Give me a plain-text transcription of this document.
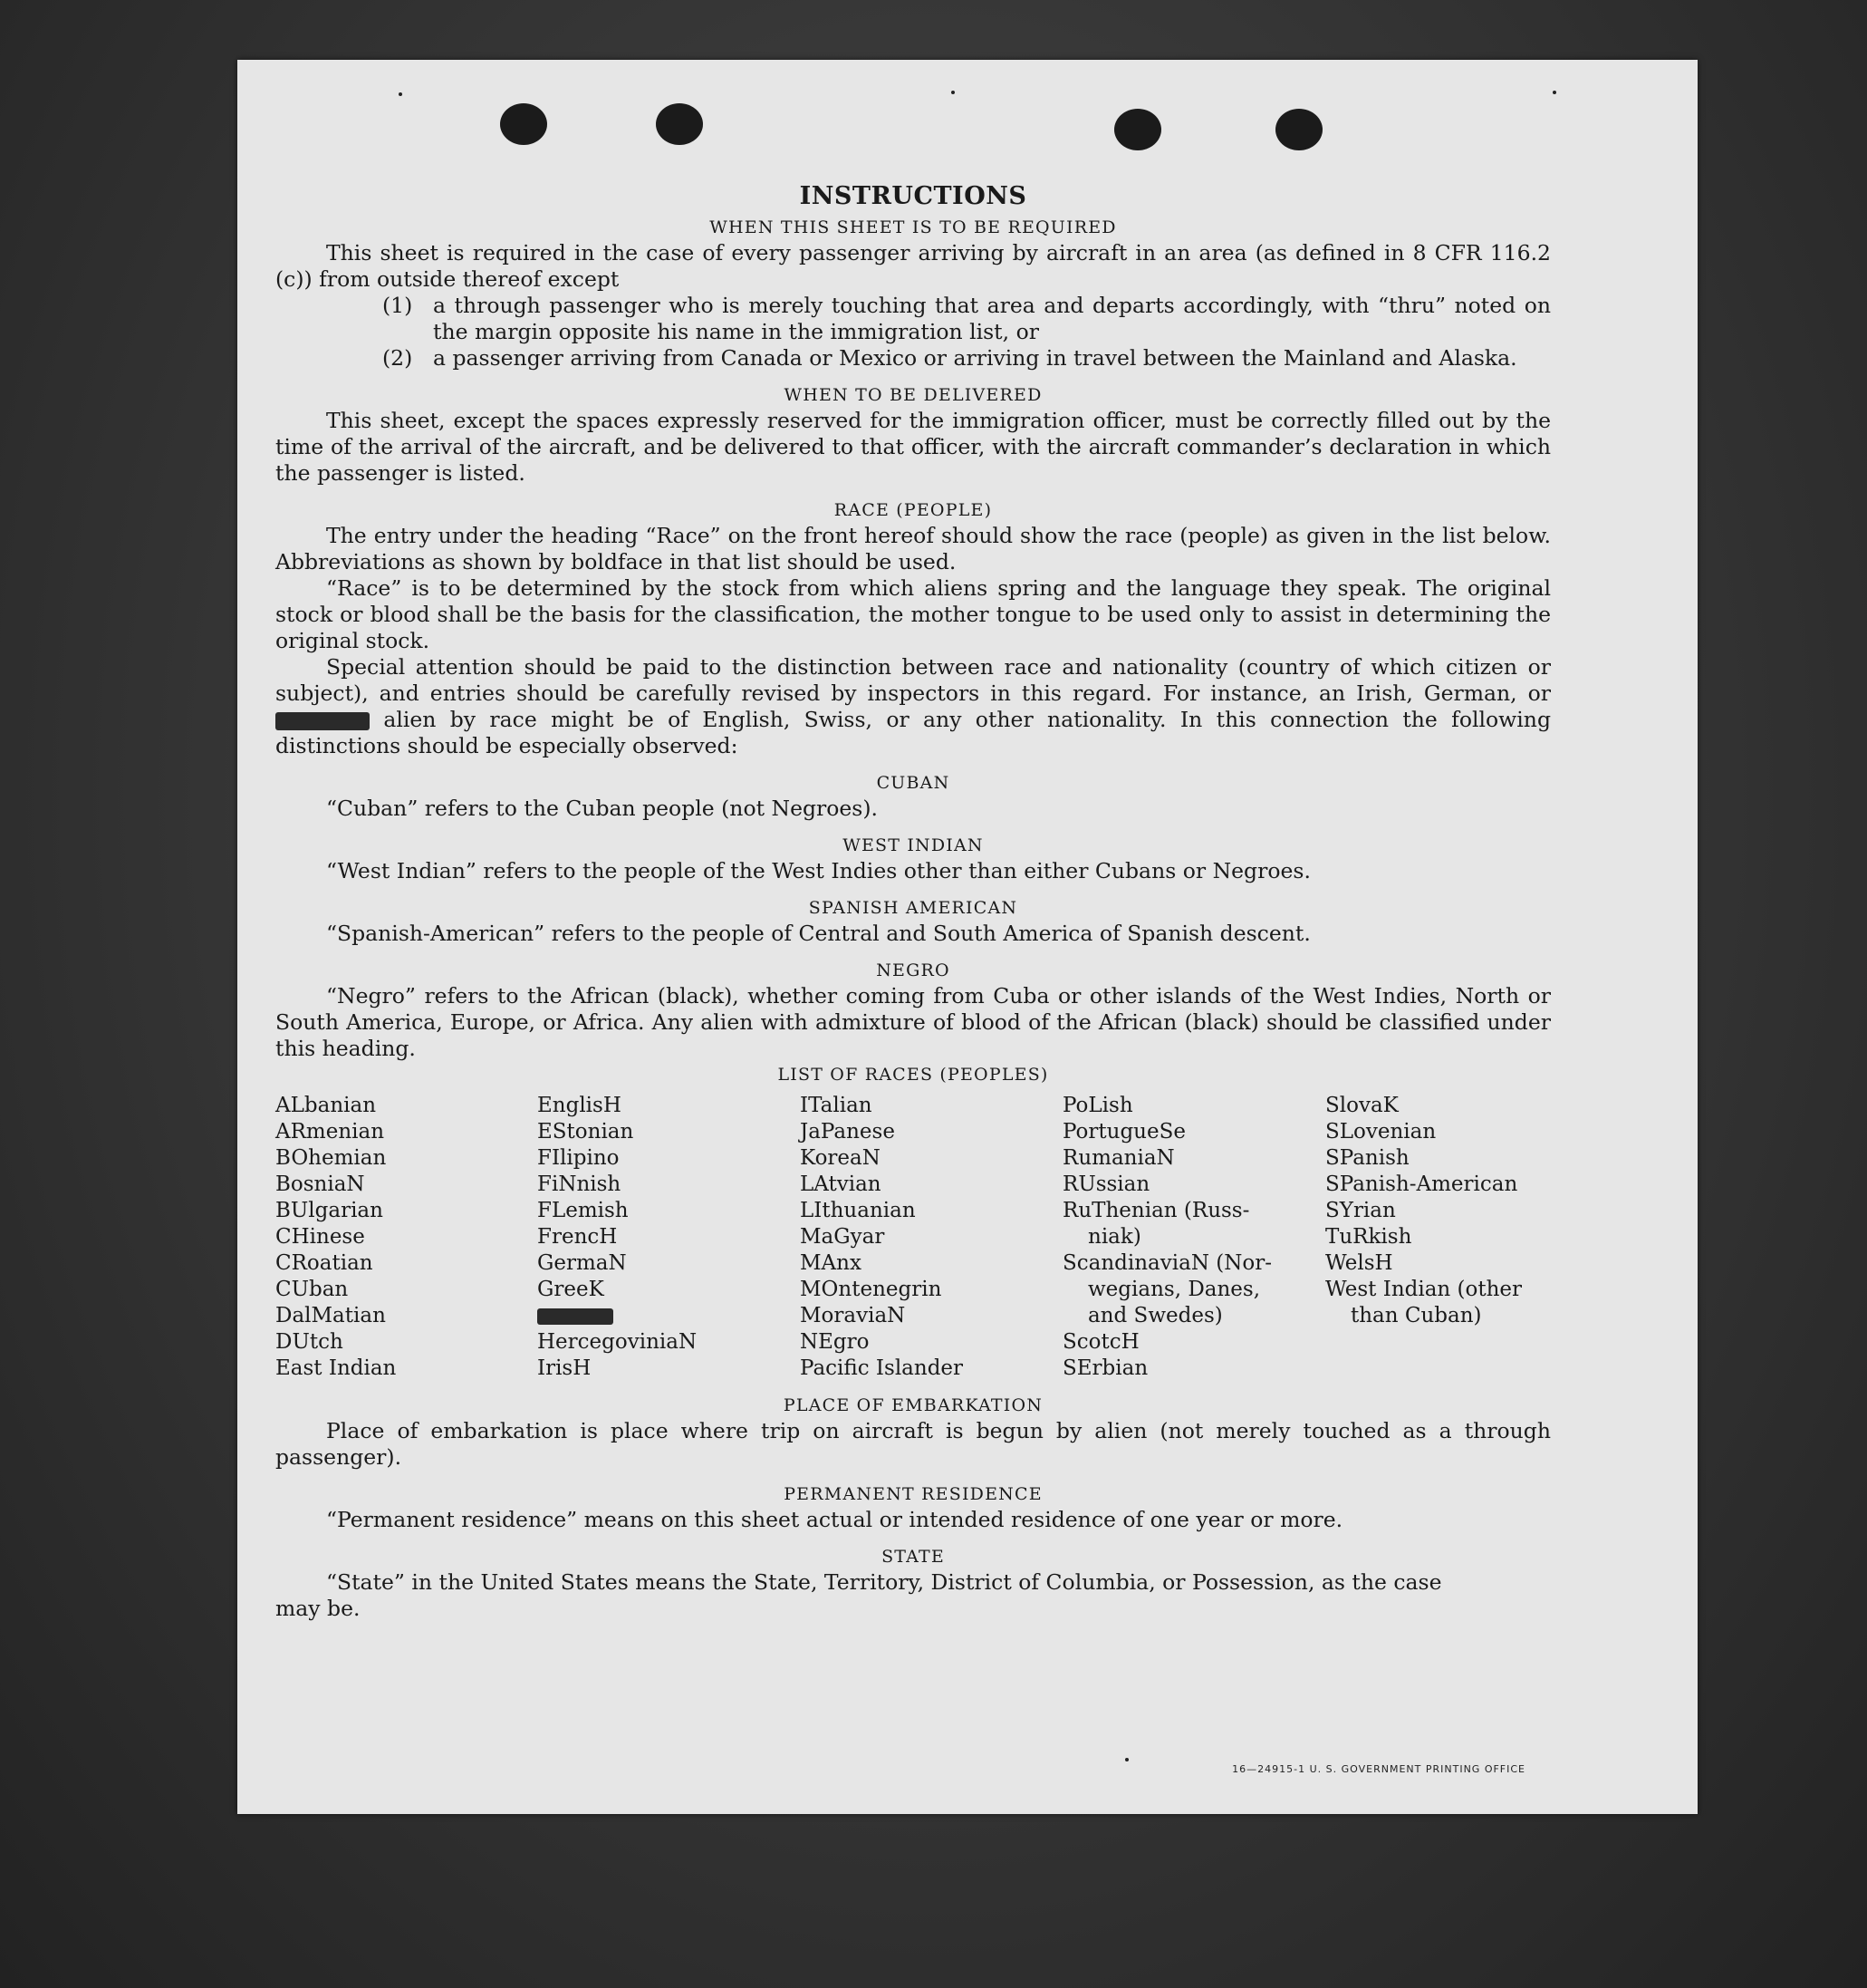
INSTRUCTIONS
WHEN THIS SHEET IS TO BE REQUIRED

This sheet is required in the case of every passenger arriving by aircraft in an area (as defined in 8 CFR 116.2 (c)) from outside thereof except

(1) a through passenger who is merely touching that area and departs accordingly, with “thru” noted on the margin opposite his name in the immigration list, or
(2) a passenger arriving from Canada or Mexico or arriving in travel between the Mainland and Alaska.
WHEN TO BE DELIVERED

This sheet, except the spaces expressly reserved for the immigration officer, must be correctly filled out by the time of the arrival of the aircraft, and be delivered to that officer, with the aircraft commander’s declaration in which the passenger is listed.

RACE (PEOPLE)

The entry under the heading “Race” on the front hereof should show the race (people) as given in the list below. Abbreviations as shown by boldface in that list should be used.

“Race” is to be determined by the stock from which aliens spring and the language they speak. The original stock or blood shall be the basis for the classification, the mother tongue to be used only to assist in determining the original stock.

Special attention should be paid to the distinction between race and nationality (country of which citizen or subject), and entries should be carefully revised by inspectors in this regard. For instance, an Irish, German, or  alien by race might be of English, Swiss, or any other nationality. In this connection the following distinctions should be especially observed:

CUBAN

“Cuban” refers to the Cuban people (not Negroes).

WEST INDIAN

“West Indian” refers to the people of the West Indies other than either Cubans or Negroes.

SPANISH AMERICAN

“Spanish-American” refers to the people of Central and South America of Spanish descent.

NEGRO

“Negro” refers to the African (black), whether coming from Cuba or other islands of the West Indies, North or South America, Europe, or Africa. Any alien with admixture of blood of the African (black) should be classified under this heading.

LIST OF RACES (PEOPLES)
ALbanian
ARmenian
BOhemian
BosniaN
BUlgarian
CHinese
CRoatian
CUban
DalMatian
DUtch
East Indian
EnglisH
EStonian
FIlipino
FiNnish
FLemish
FrencH
GermaN
GreeK
HercegoviniaN
IrisH
ITalian
JaPanese
KoreaN
LAtvian
LIthuanian
MaGyar
MAnx
MOntenegrin
MoraviaN
NEgro
Pacific Islander
PoLish
PortugueSe
RumaniaN
RUssian
RuThenian (Russ-
niak)
ScandinaviaN (Nor-
wegians, Danes,
and Swedes)
ScotcH
SErbian
SlovaK
SLovenian
SPanish
SPanish-American
SYrian
TuRkish
WelsH
West Indian (other
than Cuban)
PLACE OF EMBARKATION

Place of embarkation is place where trip on aircraft is begun by alien (not merely touched as a through passenger).

PERMANENT RESIDENCE

“Permanent residence” means on this sheet actual or intended residence of one year or more.

STATE

“State” in the United States means the State, Territory, District of Columbia, or Possession, as the case

may be.

16—24915-1 U. S. GOVERNMENT PRINTING OFFICE
